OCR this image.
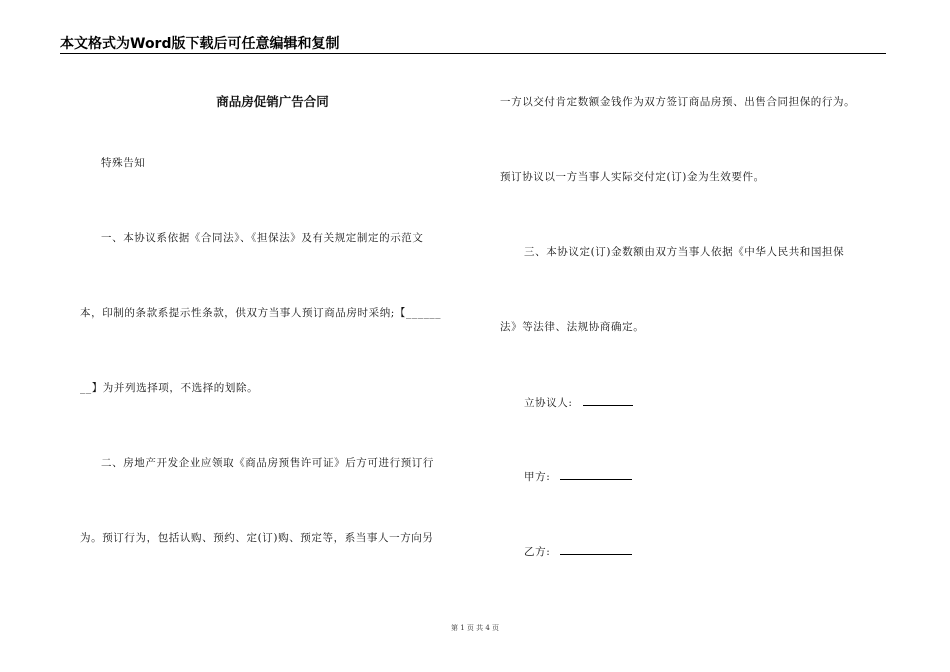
本文格式为Word版下载后可任意编辑和复制
商品房促销广告合同
特殊告知
一、本协议系依据《合同法》、《担保法》及有关规定制定的示范文
本，印制的条款系提示性条款，供双方当事人预订商品房时采纳;【______
__】为并列选择项，不选择的划除。
二、房地产开发企业应领取《商品房预售许可证》后方可进行预订行
为。预订行为，包括认购、预约、定(订)购、预定等，系当事人一方向另
一方以交付肯定数额金钱作为双方签订商品房预、出售合同担保的行为。
预订协议以一方当事人实际交付定(订)金为生效要件。
三、本协议定(订)金数额由双方当事人依据《中华人民共和国担保
法》等法律、法规协商确定。
立协议人:
甲方:
乙方:
第 1 页 共 4 页
